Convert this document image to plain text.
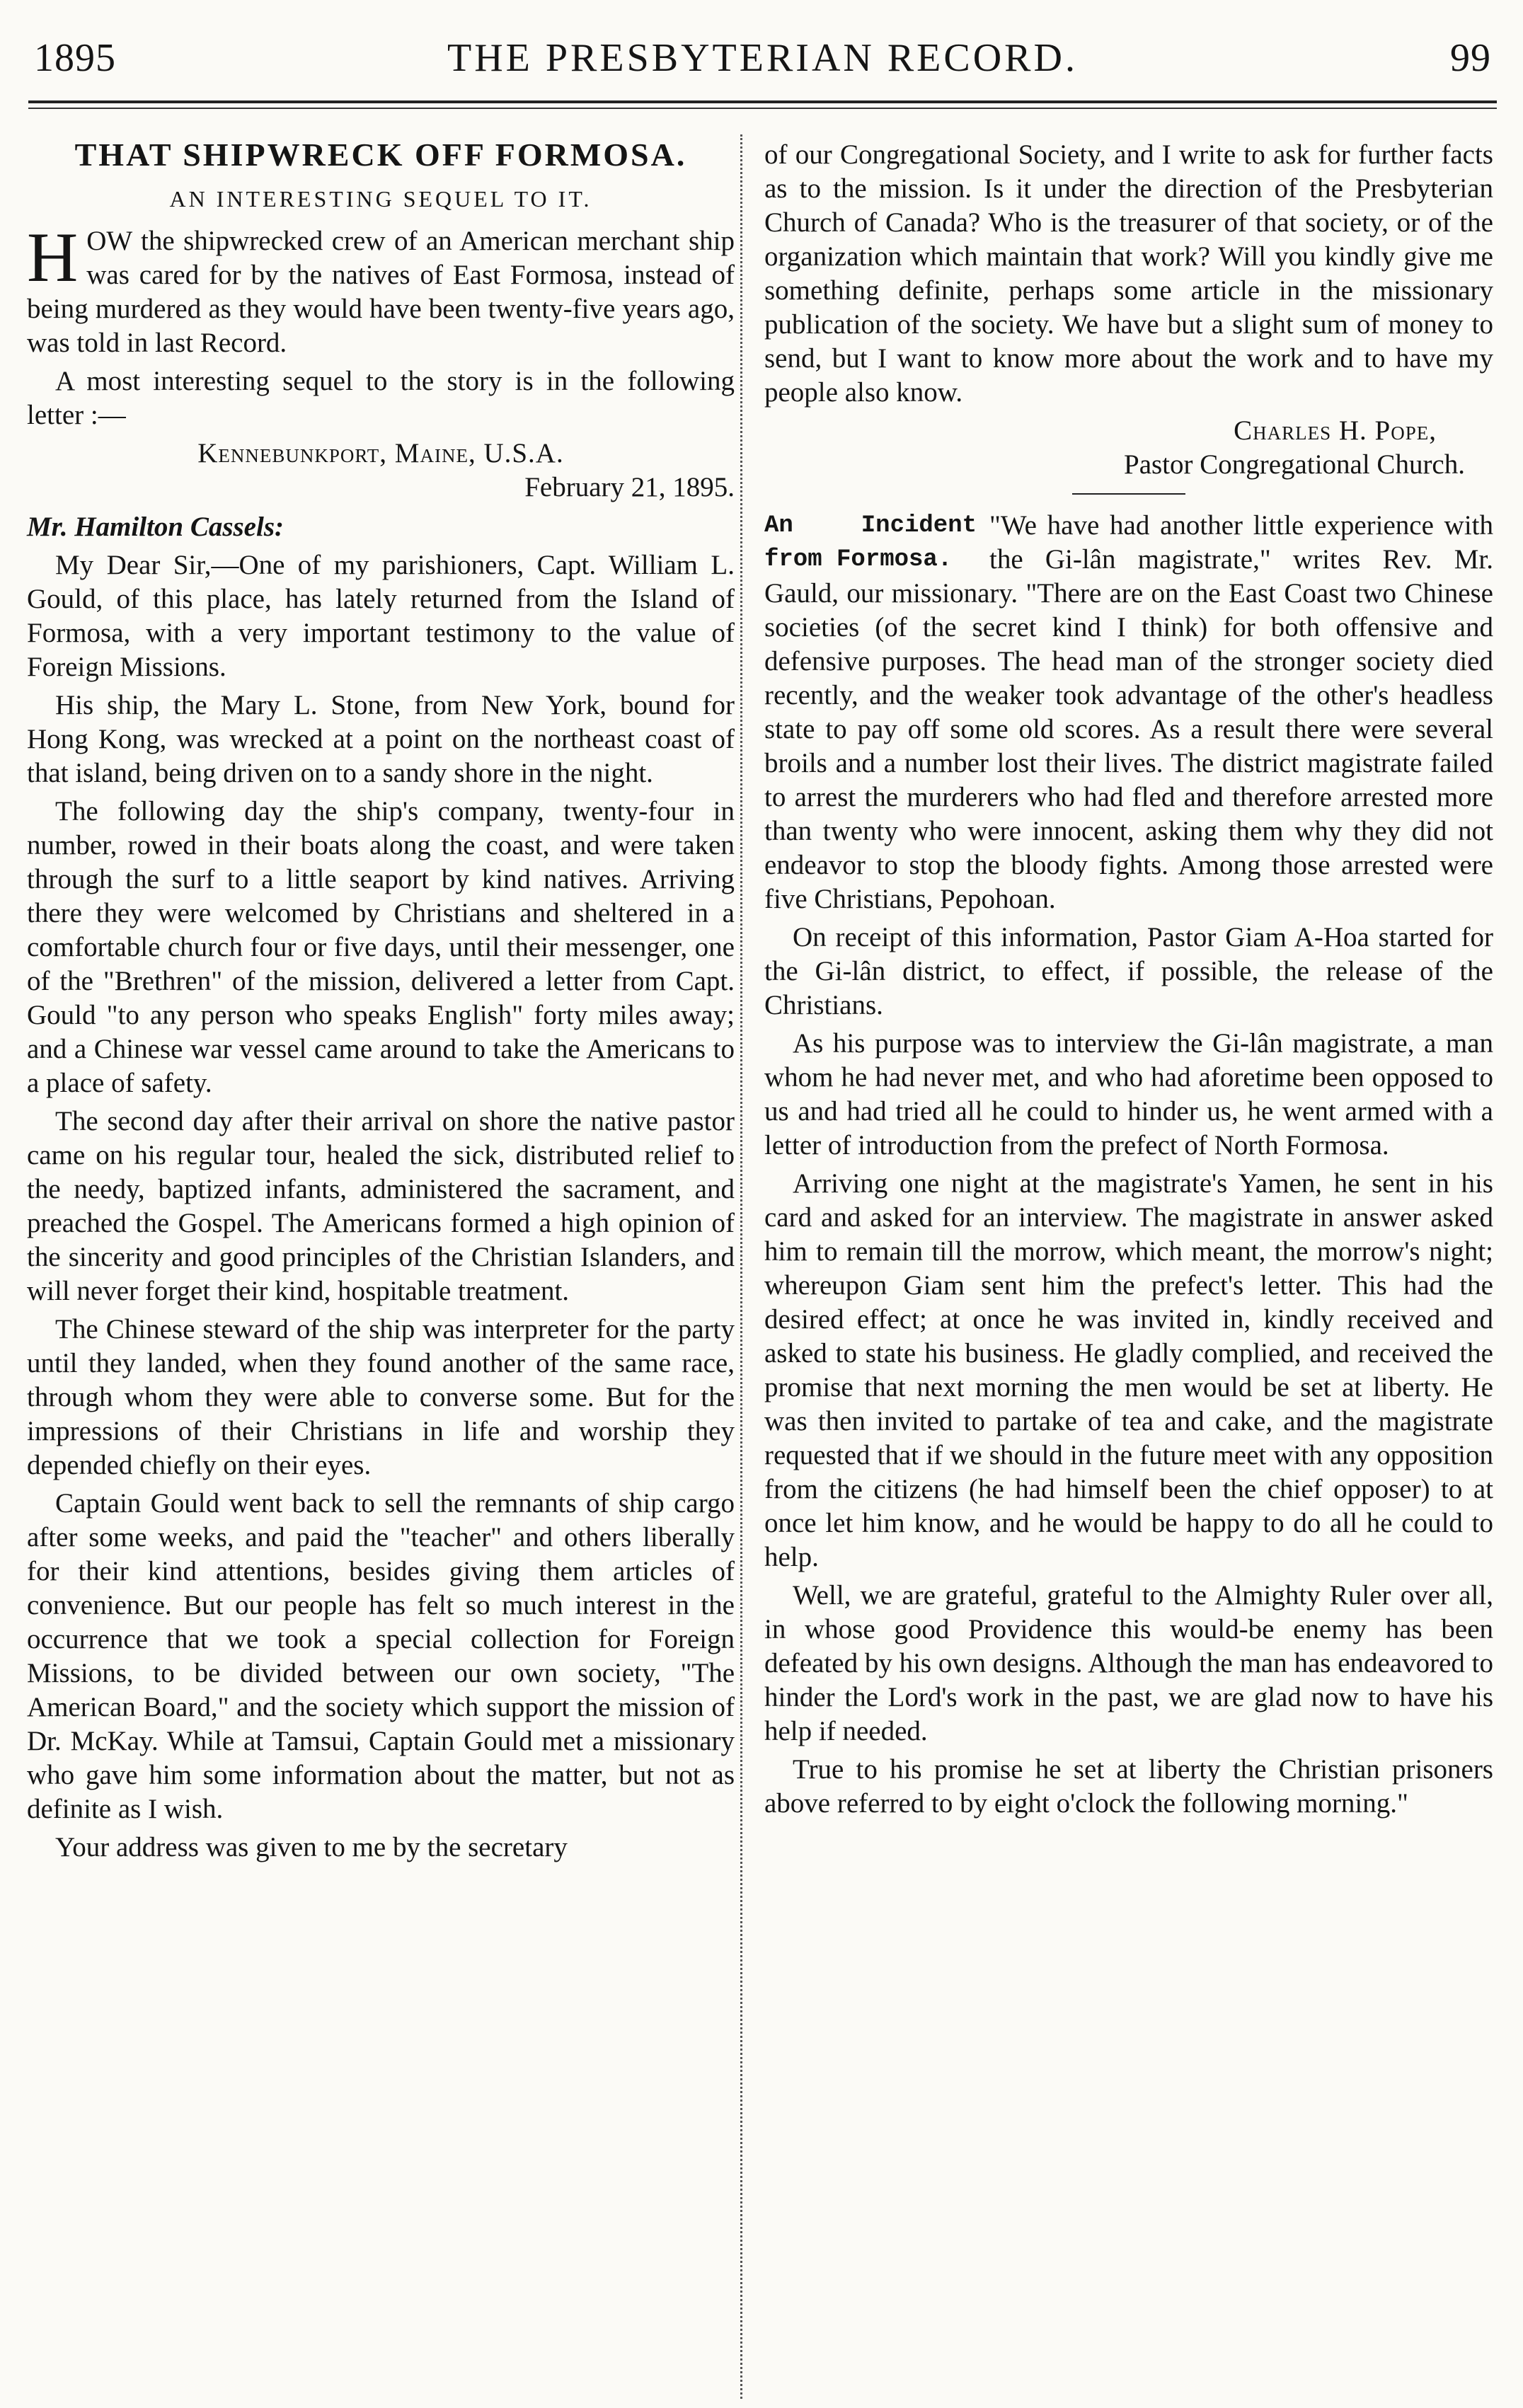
1895	THE PRESBYTERIAN RECORD.	99
THAT SHIPWRECK OFF FORMOSA.
AN INTERESTING SEQUEL TO IT.

HOW the shipwrecked crew of an American merchant ship was cared for by the natives of East Formosa, instead of being murdered as they would have been twenty-five years ago, was told in last Record.

A most interesting sequel to the story is in the following letter :—

Kennebunkport, Maine, U.S.A.

February 21, 1895.

Mr. Hamilton Cassels:

My Dear Sir,—One of my parishioners, Capt. William L. Gould, of this place, has lately returned from the Island of Formosa, with a very important testimony to the value of Foreign Missions.

His ship, the Mary L. Stone, from New York, bound for Hong Kong, was wrecked at a point on the northeast coast of that island, being driven on to a sandy shore in the night.

The following day the ship's company, twenty-four in number, rowed in their boats along the coast, and were taken through the surf to a little seaport by kind natives. Arriving there they were welcomed by Christians and sheltered in a comfortable church four or five days, until their messenger, one of the "Brethren" of the mission, delivered a letter from Capt. Gould "to any person who speaks English" forty miles away; and a Chinese war vessel came around to take the Americans to a place of safety.

The second day after their arrival on shore the native pastor came on his regular tour, healed the sick, distributed relief to the needy, baptized infants, administered the sacrament, and preached the Gospel. The Americans formed a high opinion of the sincerity and good principles of the Christian Islanders, and will never forget their kind, hospitable treatment.

The Chinese steward of the ship was interpreter for the party until they landed, when they found another of the same race, through whom they were able to converse some. But for the impressions of their Christians in life and worship they depended chiefly on their eyes.

Captain Gould went back to sell the remnants of ship cargo after some weeks, and paid the "teacher" and others liberally for their kind attentions, besides giving them articles of convenience. But our people has felt so much interest in the occurrence that we took a special collection for Foreign Missions, to be divided between our own society, "The American Board," and the society which support the mission of Dr. McKay. While at Tamsui, Captain Gould met a missionary who gave him some information about the matter, but not as definite as I wish.

Your address was given to me by the secretary

of our Congregational Society, and I write to ask for further facts as to the mission. Is it under the direction of the Presbyterian Church of Canada? Who is the treasurer of that society, or of the organization which maintain that work? Will you kindly give me something definite, perhaps some article in the missionary publication of the society. We have but a slight sum of money to send, but I want to know more about the work and to have my people also know.

Charles H. Pope,

Pastor Congregational Church.

An Incident from Formosa.
"We have had another little experience with the Gi-lân magistrate," writes Rev. Mr. Gauld, our missionary. "There are on the East Coast two Chinese societies (of the secret kind I think) for both offensive and defensive purposes. The head man of the stronger society died recently, and the weaker took advantage of the other's headless state to pay off some old scores. As a result there were several broils and a number lost their lives. The district magistrate failed to arrest the murderers who had fled and therefore arrested more than twenty who were innocent, asking them why they did not endeavor to stop the bloody fights. Among those arrested were five Christians, Pepohoan.

On receipt of this information, Pastor Giam A-Hoa started for the Gi-lân district, to effect, if possible, the release of the Christians.

As his purpose was to interview the Gi-lân magistrate, a man whom he had never met, and who had aforetime been opposed to us and had tried all he could to hinder us, he went armed with a letter of introduction from the prefect of North Formosa.

Arriving one night at the magistrate's Yamen, he sent in his card and asked for an interview. The magistrate in answer asked him to remain till the morrow, which meant, the morrow's night; whereupon Giam sent him the prefect's letter. This had the desired effect; at once he was invited in, kindly received and asked to state his business. He gladly complied, and received the promise that next morning the men would be set at liberty. He was then invited to partake of tea and cake, and the magistrate requested that if we should in the future meet with any opposition from the citizens (he had himself been the chief opposer) to at once let him know, and he would be happy to do all he could to help.

Well, we are grateful, grateful to the Almighty Ruler over all, in whose good Providence this would-be enemy has been defeated by his own designs. Although the man has endeavored to hinder the Lord's work in the past, we are glad now to have his help if needed.

True to his promise he set at liberty the Christian prisoners above referred to by eight o'clock the following morning."
